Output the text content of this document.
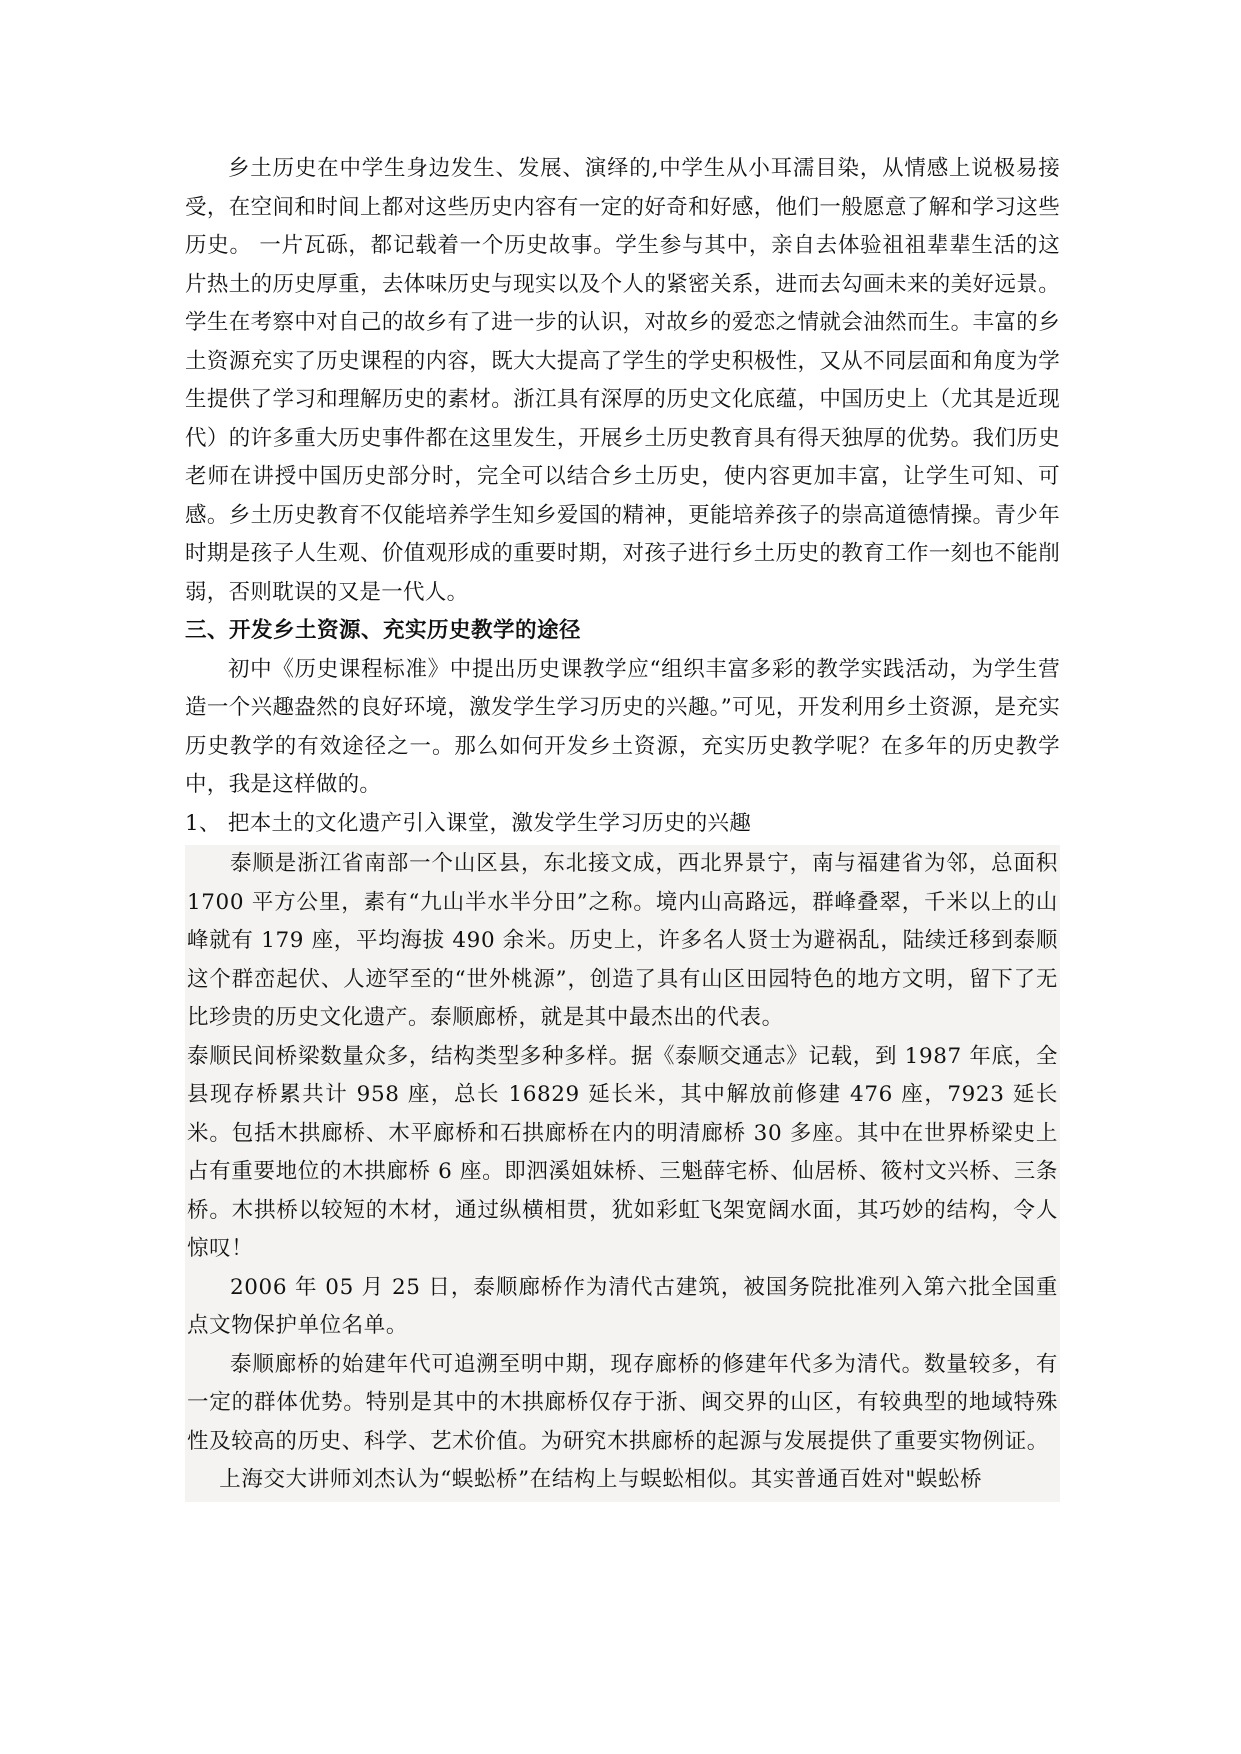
乡土历史在中学生身边发生、发展、演绎的,中学生从小耳濡目染，从情感上说极易接受，在空间和时间上都对这些历史内容有一定的好奇和好感，他们一般愿意了解和学习这些历史。 一片瓦砾，都记载着一个历史故事。学生参与其中，亲自去体验祖祖辈辈生活的这片热土的历史厚重，去体味历史与现实以及个人的紧密关系，进而去勾画未来的美好远景。学生在考察中对自己的故乡有了进一步的认识，对故乡的爱恋之情就会油然而生。丰富的乡土资源充实了历史课程的内容，既大大提高了学生的学史积极性，又从不同层面和角度为学生提供了学习和理解历史的素材。浙江具有深厚的历史文化底蕴，中国历史上（尤其是近现代）的许多重大历史事件都在这里发生，开展乡土历史教育具有得天独厚的优势。我们历史老师在讲授中国历史部分时，完全可以结合乡土历史，使内容更加丰富，让学生可知、可感。乡土历史教育不仅能培养学生知乡爱国的精神，更能培养孩子的崇高道德情操。青少年时期是孩子人生观、价值观形成的重要时期，对孩子进行乡土历史的教育工作一刻也不能削弱，否则耽误的又是一代人。

三、开发乡土资源、充实历史教学的途径

初中《历史课程标准》中提出历史课教学应“组织丰富多彩的教学实践活动，为学生营造一个兴趣盎然的良好环境，激发学生学习历史的兴趣。”可见，开发利用乡土资源，是充实历史教学的有效途径之一。那么如何开发乡土资源，充实历史教学呢？在多年的历史教学中，我是这样做的。

1、 把本土的文化遗产引入课堂，激发学生学习历史的兴趣

泰顺是浙江省南部一个山区县，东北接文成，西北界景宁，南与福建省为邻，总面积 1700 平方公里，素有“九山半水半分田”之称。境内山高路远，群峰叠翠，千米以上的山峰就有 179 座，平均海拔 490 余米。历史上，许多名人贤士为避祸乱，陆续迁移到泰顺这个群峦起伏、人迹罕至的“世外桃源”，创造了具有山区田园特色的地方文明，留下了无比珍贵的历史文化遗产。泰顺廊桥，就是其中最杰出的代表。

泰顺民间桥梁数量众多，结构类型多种多样。据《泰顺交通志》记载，到 1987 年底，全县现存桥累共计 958 座，总长 16829 延长米，其中解放前修建 476 座，7923 延长米。包括木拱廊桥、木平廊桥和石拱廊桥在内的明清廊桥 30 多座。其中在世界桥梁史上占有重要地位的木拱廊桥 6 座。即泗溪姐妹桥、三魁薛宅桥、仙居桥、筱村文兴桥、三条桥。木拱桥以较短的木材，通过纵横相贯，犹如彩虹飞架宽阔水面，其巧妙的结构，令人惊叹！

2006 年 05 月 25 日，泰顺廊桥作为清代古建筑，被国务院批准列入第六批全国重点文物保护单位名单。

泰顺廊桥的始建年代可追溯至明中期，现存廊桥的修建年代多为清代。数量较多，有一定的群体优势。特别是其中的木拱廊桥仅存于浙、闽交界的山区，有较典型的地域特殊性及较高的历史、科学、艺术价值。为研究木拱廊桥的起源与发展提供了重要实物例证。

上海交大讲师刘杰认为“蜈蚣桥”在结构上与蜈蚣相似。其实普通百姓对"蜈蚣桥
